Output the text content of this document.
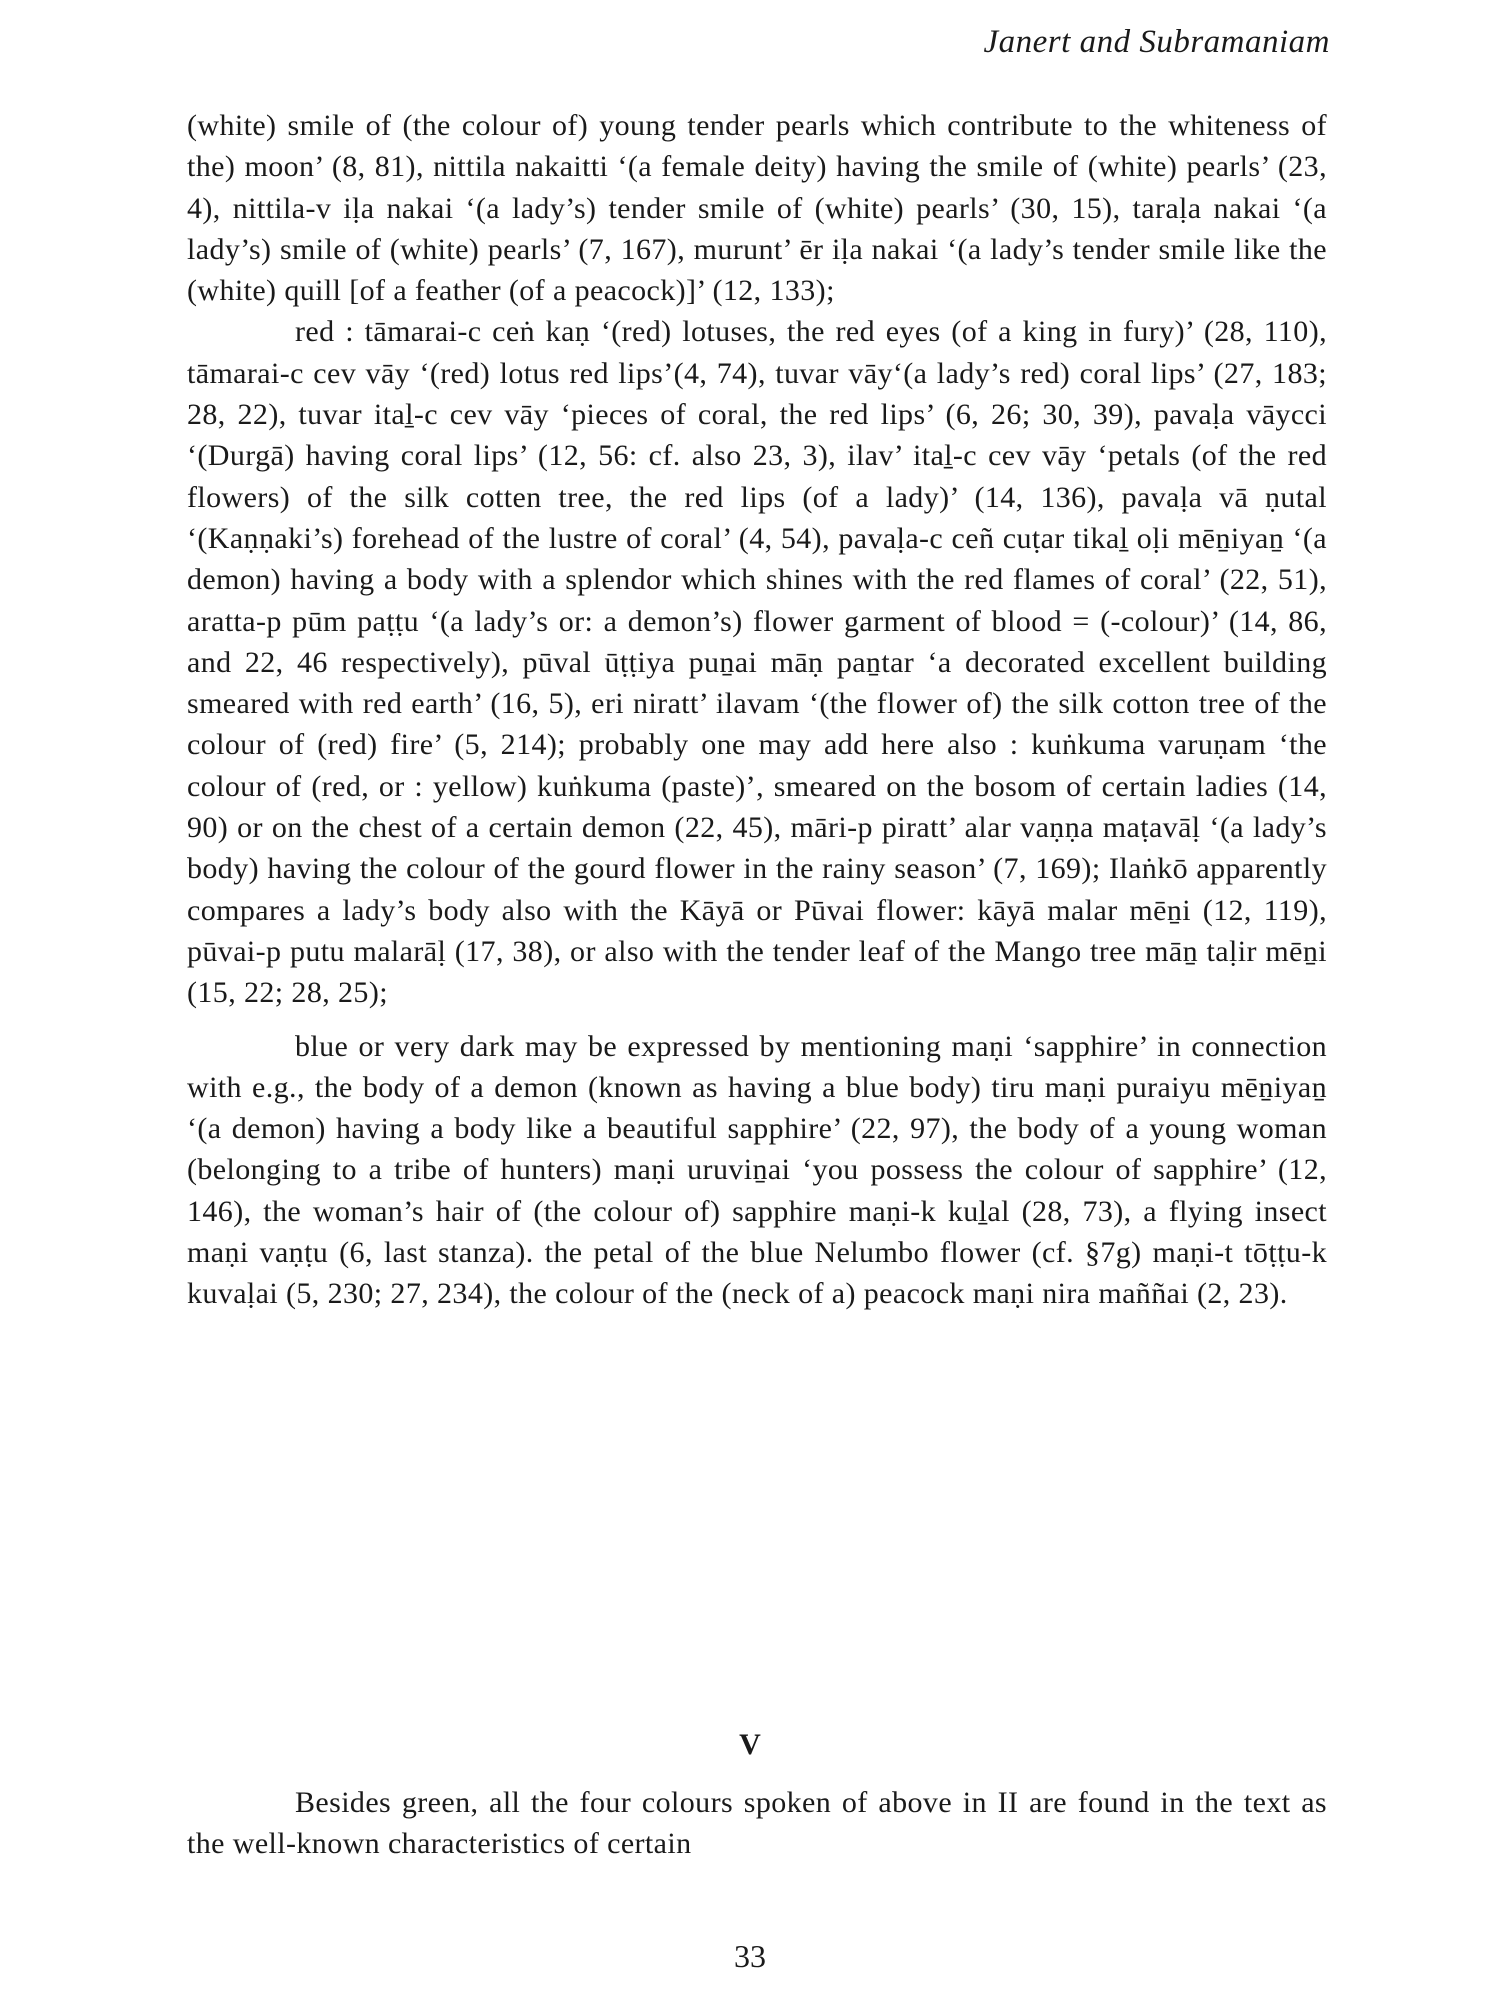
Janert and Subramaniam

(white) smile of (the colour of) young tender pearls which contribute to the whiteness of the) moon’ (8, 81), nittila nakaitti ‘(a female deity) having the smile of (white) pearls’ (23, 4), nittila-v iḷa nakai ‘(a lady’s) tender smile of (white) pearls’ (30, 15), taraḷa nakai ‘(a lady’s) smile of (white) pearls’ (7, 167), murunt’ ēr iḷa nakai ‘(a lady’s tender smile like the (white) quill [of a feather (of a peacock)]’ (12, 133);

red : tāmarai-c ceṅ kaṇ ‘(red) lotuses, the red eyes (of a king in fury)’ (28, 110), tāmarai-c cev vāy ‘(red) lotus red lips’(4, 74), tuvar vāy‘(a lady’s red) coral lips’ (27, 183; 28, 22), tuvar itaḻ-c cev vāy ‘pieces of coral, the red lips’ (6, 26; 30, 39), pavaḷa vāycci ‘(Durgā) having coral lips’ (12, 56: cf. also 23, 3), ilav’ itaḻ-c cev vāy ‘petals (of the red flowers) of the silk cotten tree, the red lips (of a lady)’ (14, 136), pavaḷa vā ṇutal ‘(Kaṇṇaki’s) forehead of the lustre of coral’ (4, 54), pavaḷa-c ceñ cuṭar tikaḻ oḷi mēṉiyaṉ ‘(a demon) having a body with a splendor which shines with the red flames of coral’ (22, 51), aratta-p pūm paṭṭu ‘(a lady’s or: a demon’s) flower garment of blood = (-colour)’ (14, 86, and 22, 46 respectively), pūval ūṭṭiya puṉai māṇ paṉtar ‘a decorated excellent building smeared with red earth’ (16, 5), eri niratt’ ilavam ‘(the flower of) the silk cotton tree of the colour of (red) fire’ (5, 214); probably one may add here also : kuṅkuma varuṇam ‘the colour of (red, or : yellow) kuṅkuma (paste)’, smeared on the bosom of certain ladies (14, 90) or on the chest of a certain demon (22, 45), māri-p piratt’ alar vaṇṇa maṭavāḷ ‘(a lady’s body) having the colour of the gourd flower in the rainy season’ (7, 169); Ilaṅkō apparently compares a lady’s body also with the Kāyā or Pūvai flower: kāyā malar mēṉi (12, 119), pūvai-p putu malarāḷ (17, 38), or also with the tender leaf of the Mango tree māṉ taḷir mēṉi (15, 22; 28, 25);

blue or very dark may be expressed by mentioning maṇi ‘sapphire’ in connection with e.g., the body of a demon (known as having a blue body) tiru maṇi puraiyu mēṉiyaṉ ‘(a demon) having a body like a beautiful sapphire’ (22, 97), the body of a young woman (belonging to a tribe of hunters) maṇi uruviṉai ‘you possess the colour of sapphire’ (12, 146), the woman’s hair of (the colour of) sapphire maṇi-k kuḻal (28, 73), a flying insect maṇi vaṇṭu (6, last stanza). the petal of the blue Nelumbo flower (cf. §7g) maṇi-t tōṭṭu-k kuvaḷai (5, 230; 27, 234), the colour of the (neck of a) peacock maṇi nira maññai (2, 23).

V

Besides green, all the four colours spoken of above in II are found in the text as the well-known characteristics of certain

33
